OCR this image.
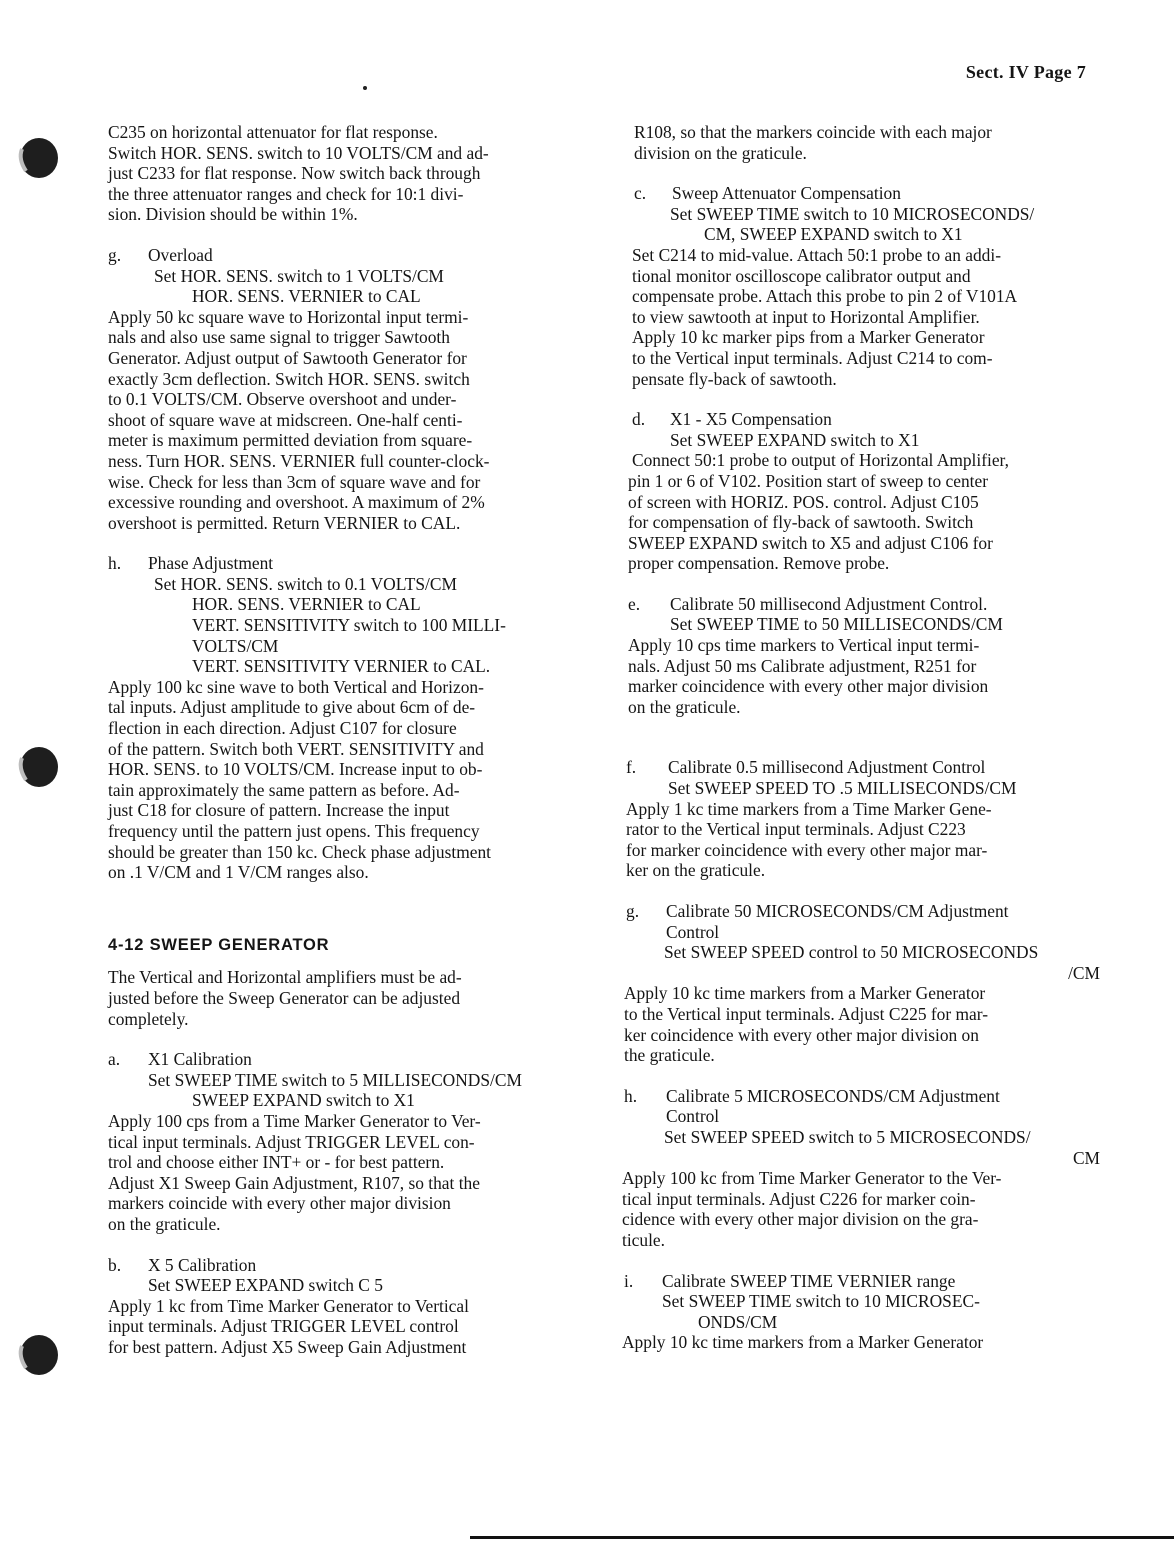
Sect. IV Page 7
C235 on horizontal attenuator for flat response.
Switch HOR. SENS. switch to 10 VOLTS/CM and ad-
just C233 for flat response. Now switch back through
the three attenuator ranges and check for 10:1 divi-
sion. Division should be within 1%.
g. Overload
Set HOR. SENS. switch to 1 VOLTS/CM
HOR. SENS. VERNIER to CAL
Apply 50 kc square wave to Horizontal input termi-
nals and also use same signal to trigger Sawtooth
Generator. Adjust output of Sawtooth Generator for
exactly 3cm deflection. Switch HOR. SENS. switch
to 0.1 VOLTS/CM. Observe overshoot and under-
shoot of square wave at midscreen. One-half centi-
meter is maximum permitted deviation from square-
ness. Turn HOR. SENS. VERNIER full counter-clock-
wise. Check for less than 3cm of square wave and for
excessive rounding and overshoot. A maximum of 2%
overshoot is permitted. Return VERNIER to CAL.
h. Phase Adjustment
Set HOR. SENS. switch to 0.1 VOLTS/CM
HOR. SENS. VERNIER to CAL
VERT. SENSITIVITY switch to 100 MILLI-
VOLTS/CM
VERT. SENSITIVITY VERNIER to CAL.
Apply 100 kc sine wave to both Vertical and Horizon-
tal inputs. Adjust amplitude to give about 6cm of de-
flection in each direction. Adjust C107 for closure
of the pattern. Switch both VERT. SENSITIVITY and
HOR. SENS. to 10 VOLTS/CM. Increase input to ob-
tain approximately the same pattern as before. Ad-
just C18 for closure of pattern. Increase the input
frequency until the pattern just opens. This frequency
should be greater than 150 kc. Check phase adjustment
on .1 V/CM and 1 V/CM ranges also.
4-12 SWEEP GENERATOR
The Vertical and Horizontal amplifiers must be ad-
justed before the Sweep Generator can be adjusted
completely.
a. X1 Calibration
Set SWEEP TIME switch to 5 MILLISECONDS/CM
SWEEP EXPAND switch to X1
Apply 100 cps from a Time Marker Generator to Ver-
tical input terminals. Adjust TRIGGER LEVEL con-
trol and choose either INT+ or - for best pattern.
Adjust X1 Sweep Gain Adjustment, R107, so that the
markers coincide with every other major division
on the graticule.
b. X 5 Calibration
Set SWEEP EXPAND switch C 5
Apply 1 kc from Time Marker Generator to Vertical
input terminals. Adjust TRIGGER LEVEL control
for best pattern. Adjust X5 Sweep Gain Adjustment
R108, so that the markers coincide with each major
division on the graticule.
c. Sweep Attenuator Compensation
Set SWEEP TIME switch to 10 MICROSECONDS/
CM, SWEEP EXPAND switch to X1
Set C214 to mid-value. Attach 50:1 probe to an addi-
tional monitor oscilloscope calibrator output and
compensate probe. Attach this probe to pin 2 of V101A
to view sawtooth at input to Horizontal Amplifier.
Apply 10 kc marker pips from a Marker Generator
to the Vertical input terminals. Adjust C214 to com-
pensate fly-back of sawtooth.
d. X1 - X5 Compensation
Set SWEEP EXPAND switch to X1
Connect 50:1 probe to output of Horizontal Amplifier,
pin 1 or 6 of V102. Position start of sweep to center
of screen with HORIZ. POS. control. Adjust C105
for compensation of fly-back of sawtooth. Switch
SWEEP EXPAND switch to X5 and adjust C106 for
proper compensation. Remove probe.
e. Calibrate 50 millisecond Adjustment Control.
Set SWEEP TIME to 50 MILLISECONDS/CM
Apply 10 cps time markers to Vertical input termi-
nals. Adjust 50 ms Calibrate adjustment, R251 for
marker coincidence with every other major division
on the graticule.
f. Calibrate 0.5 millisecond Adjustment Control
Set SWEEP SPEED TO .5 MILLISECONDS/CM
Apply 1 kc time markers from a Time Marker Gene-
rator to the Vertical input terminals. Adjust C223
for marker coincidence with every other major mar-
ker on the graticule.
g. Calibrate 50 MICROSECONDS/CM Adjustment
Control
Set SWEEP SPEED control to 50 MICROSECONDS
/CM
Apply 10 kc time markers from a Marker Generator
to the Vertical input terminals. Adjust C225 for mar-
ker coincidence with every other major division on
the graticule.
h. Calibrate 5 MICROSECONDS/CM Adjustment
Control
Set SWEEP SPEED switch to 5 MICROSECONDS/
CM
Apply 100 kc from Time Marker Generator to the Ver-
tical input terminals. Adjust C226 for marker coin-
cidence with every other major division on the gra-
ticule.
i. Calibrate SWEEP TIME VERNIER range
Set SWEEP TIME switch to 10 MICROSEC-
ONDS/CM
Apply 10 kc time markers from a Marker Generator
